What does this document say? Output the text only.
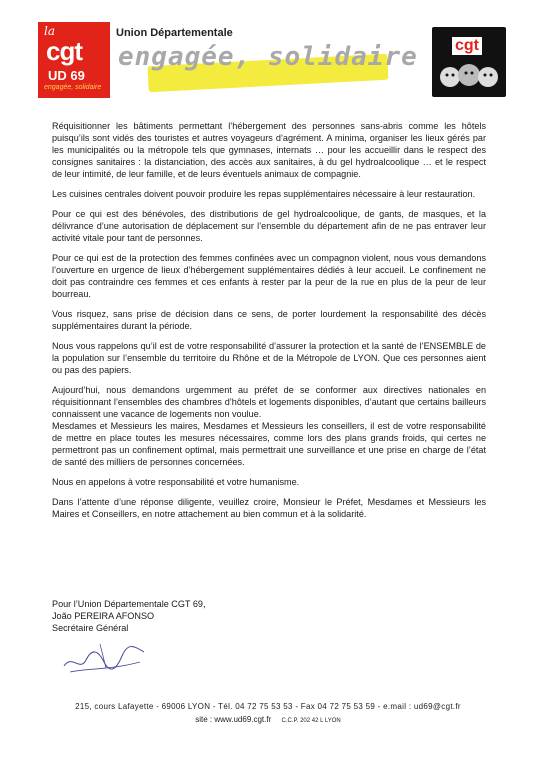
la
cgt
UD 69
engagée, solidaire
Union Départementale
engagée, solidaire cgt

Réquisitionner les bâtiments permettant l’hébergement des personnes sans-abris comme les hôtels puisqu’ils sont vidés des touristes et autres voyageurs d’agrément. A minima, organiser les lieux gérés par les municipalités ou la métropole tels que gymnases, internats … pour les accueillir dans le respect des consignes sanitaires : la distanciation, des accès aux sanitaires, à du gel hydroalcoolique … et le respect de leur intimité, de leur famille, et de leurs éventuels animaux de compagnie.

Les cuisines centrales doivent pouvoir produire les repas supplémentaires nécessaire à leur restauration.

Pour ce qui est des bénévoles, des distributions de gel hydroalcoolique, de gants, de masques, et la délivrance d’une autorisation de déplacement sur l’ensemble du département afin de ne pas entraver leur activité vitale pour tant de personnes.

Pour ce qui est de la protection des femmes confinées avec un compagnon violent, nous vous demandons l’ouverture en urgence de lieux d’hébergement supplémentaires dédiés à leur accueil. Le confinement ne doit pas contraindre ces femmes et ces enfants à rester par la peur de la rue en plus de la peur de leur bourreau.

Vous risquez, sans prise de décision dans ce sens, de porter lourdement la responsabilité des décès supplémentaires durant la période.

Nous vous rappelons qu’il est de votre responsabilité d’assurer la protection et la santé de l’ENSEMBLE de la population sur l’ensemble du territoire du Rhône et de la Métropole de LYON. Que ces personnes aient ou pas des papiers.

Aujourd’hui, nous demandons urgemment au préfet de se conformer aux directives nationales en réquisitionnant l’ensembles des chambres d’hôtels et logements disponibles, d’autant que certains bailleurs connaissent une vacance de logements non voulue.

Mesdames et Messieurs les maires, Mesdames et Messieurs les conseillers, il est de votre responsabilité de mettre en place toutes les mesures nécessaires, comme lors des plans grands froids, qui certes ne permettront pas un confinement optimal, mais permettrait une surveillance et une prise en charge de l’état de santé des milliers de personnes concernées.

Nous en appelons à votre responsabilité et votre humanisme.

Dans l’attente d’une réponse diligente, veuillez croire, Monsieur le Préfet, Mesdames et Messieurs les Maires et Conseillers, en notre attachement au bien commun et à la solidarité.

Pour l’Union Départementale CGT 69,
João PEREIRA AFONSO
Secrétaire Général
215, cours Lafayette - 69006 LYON - Tél. 04 72 75 53 53 - Fax 04 72 75 53 59 - e.mail : ud69@cgt.fr
site : www.ud69.cgt.fr C.C.P. 202 42 L LYON
